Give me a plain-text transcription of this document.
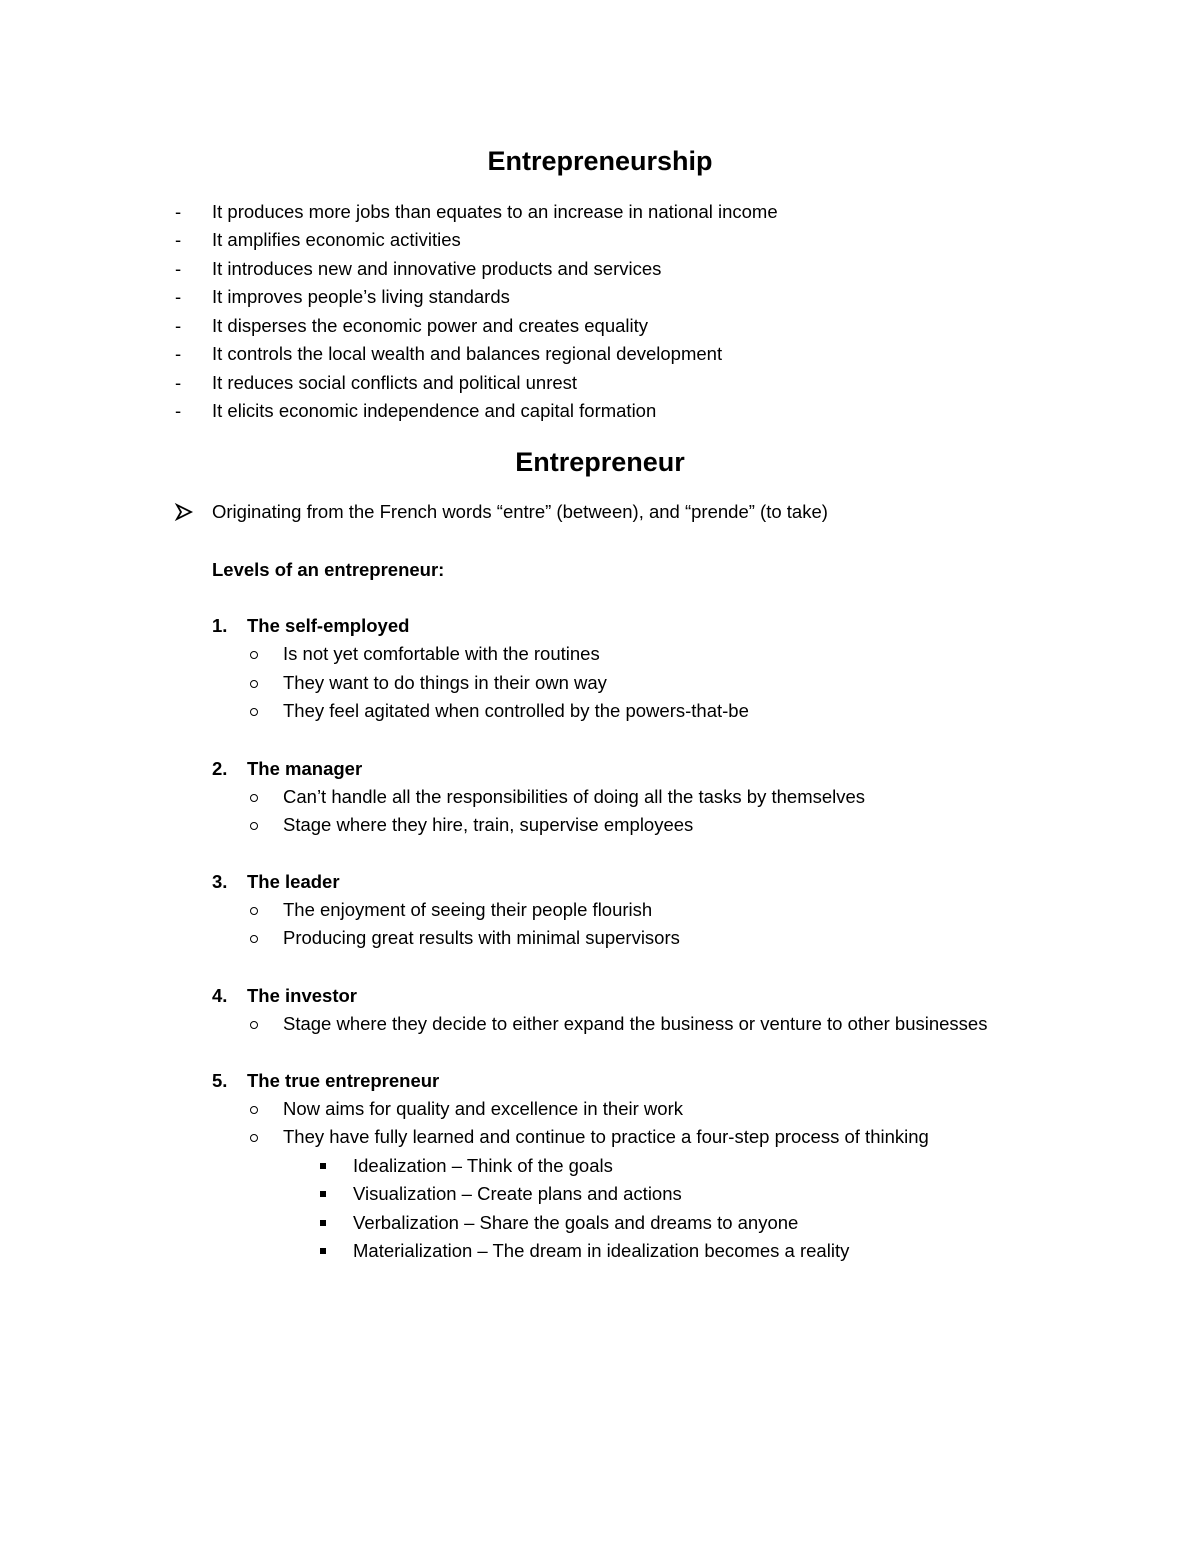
Entrepreneurship
- It produces more jobs than equates to an increase in national income
- It amplifies economic activities
- It introduces new and innovative products and services
- It improves people’s living standards
- It disperses the economic power and creates equality
- It controls the local wealth and balances regional development
- It reduces social conflicts and political unrest
- It elicits economic independence and capital formation
Entrepreneur
Originating from the French words “entre” (between), and “prende” (to take)
Levels of an entrepreneur:
1. The self-employed
Is not yet comfortable with the routines
They want to do things in their own way
They feel agitated when controlled by the powers-that-be
2. The manager
Can’t handle all the responsibilities of doing all the tasks by themselves
Stage where they hire, train, supervise employees
3. The leader
The enjoyment of seeing their people flourish
Producing great results with minimal supervisors
4. The investor
Stage where they decide to either expand the business or venture to other businesses
5. The true entrepreneur
Now aims for quality and excellence in their work
They have fully learned and continue to practice a four-step process of thinking
Idealization – Think of the goals
Visualization – Create plans and actions
Verbalization – Share the goals and dreams to anyone
Materialization – The dream in idealization becomes a reality
